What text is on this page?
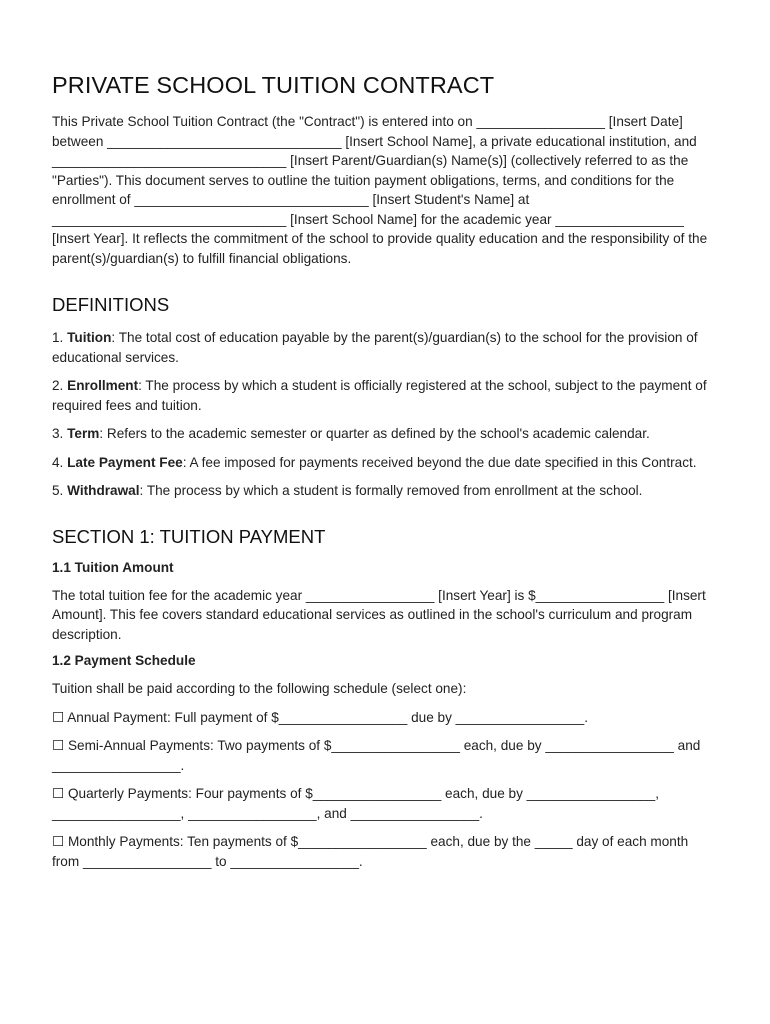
PRIVATE SCHOOL TUITION CONTRACT

This Private School Tuition Contract (the "Contract") is entered into on _________________ [Insert Date] between _______________________________ [Insert School Name], a private educational institution, and _______________________________ [Insert Parent/Guardian(s) Name(s)] (collectively referred to as the "Parties"). This document serves to outline the tuition payment obligations, terms, and conditions for the enrollment of _______________________________ [Insert Student's Name] at _______________________________ [Insert School Name] for the academic year _________________ [Insert Year]. It reflects the commitment of the school to provide quality education and the responsibility of the parent(s)/guardian(s) to fulfill financial obligations.

DEFINITIONS

1. Tuition: The total cost of education payable by the parent(s)/guardian(s) to the school for the provision of educational services.

2. Enrollment: The process by which a student is officially registered at the school, subject to the payment of required fees and tuition.

3. Term: Refers to the academic semester or quarter as defined by the school's academic calendar.

4. Late Payment Fee: A fee imposed for payments received beyond the due date specified in this Contract.

5. Withdrawal: The process by which a student is formally removed from enrollment at the school.

SECTION 1: TUITION PAYMENT
1.1 Tuition Amount

The total tuition fee for the academic year _________________ [Insert Year] is $_________________ [Insert Amount]. This fee covers standard educational services as outlined in the school's curriculum and program description.

1.2 Payment Schedule

Tuition shall be paid according to the following schedule (select one):

☐ Annual Payment: Full payment of $_________________ due by _________________.

☐ Semi-Annual Payments: Two payments of $_________________ each, due by _________________ and _________________.

☐ Quarterly Payments: Four payments of $_________________ each, due by _________________, _________________, _________________, and _________________.

☐ Monthly Payments: Ten payments of $_________________ each, due by the _____ day of each month from _________________ to _________________.
